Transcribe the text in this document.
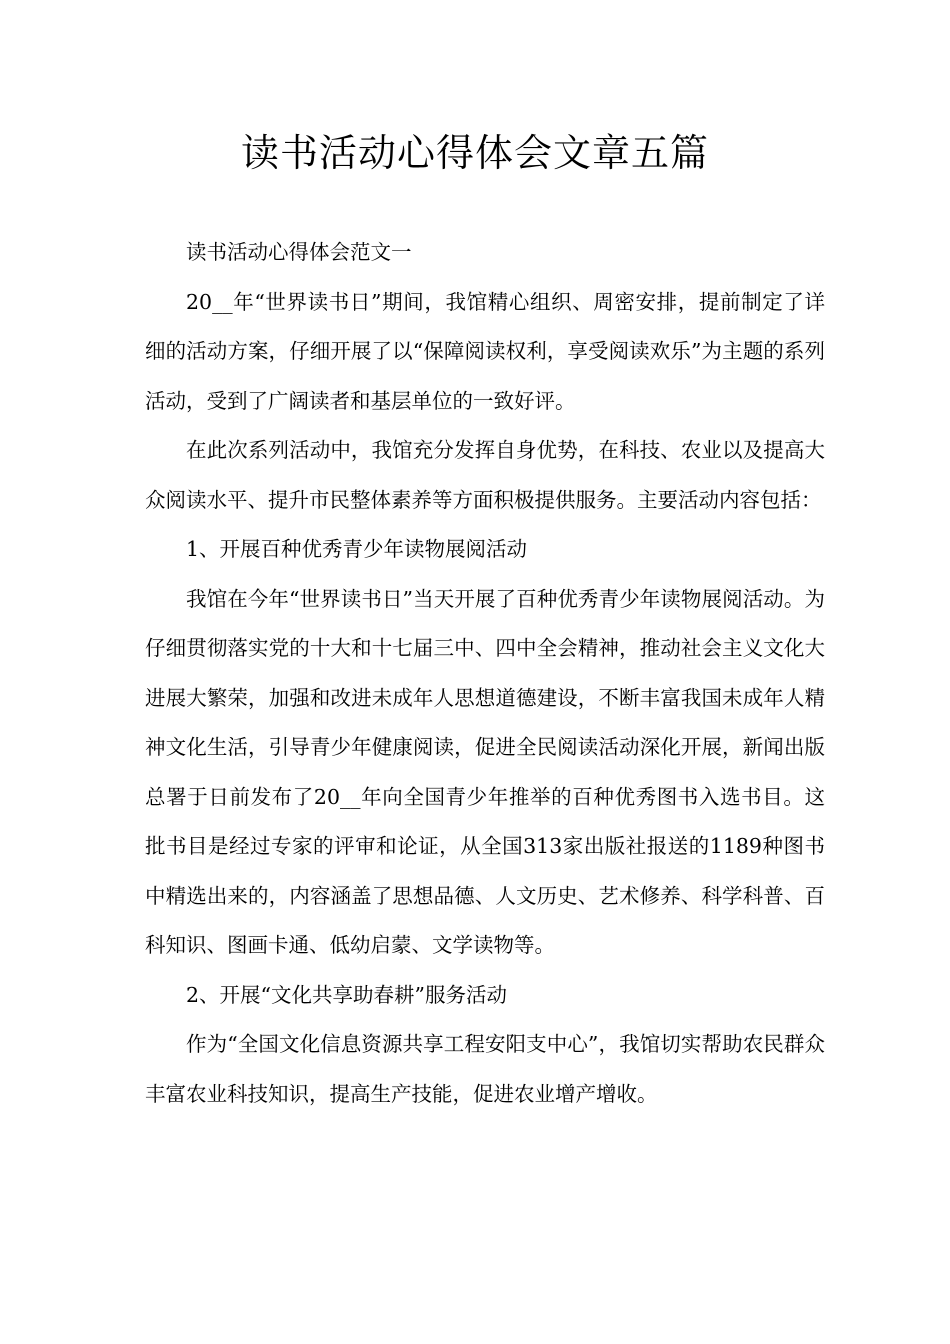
读书活动心得体会文章五篇

读书活动心得体会范文一

20__年“世界读书日”期间，我馆精心组织、周密安排，提前制定了详细的活动方案，仔细开展了以“保障阅读权利，享受阅读欢乐”为主题的系列活动，受到了广阔读者和基层单位的一致好评。

在此次系列活动中，我馆充分发挥自身优势，在科技、农业以及提高大众阅读水平、提升市民整体素养等方面积极提供服务。主要活动内容包括：

1、开展百种优秀青少年读物展阅活动

我馆在今年“世界读书日”当天开展了百种优秀青少年读物展阅活动。为仔细贯彻落实党的十大和十七届三中、四中全会精神，推动社会主义文化大进展大繁荣，加强和改进未成年人思想道德建设，不断丰富我国未成年人精神文化生活，引导青少年健康阅读，促进全民阅读活动深化开展，新闻出版总署于日前发布了20__年向全国青少年推举的百种优秀图书入选书目。这批书目是经过专家的评审和论证，从全国313家出版社报送的1189种图书中精选出来的，内容涵盖了思想品德、人文历史、艺术修养、科学科普、百科知识、图画卡通、低幼启蒙、文学读物等。

2、开展“文化共享助春耕”服务活动

作为“全国文化信息资源共享工程安阳支中心”，我馆切实帮助农民群众丰富农业科技知识，提高生产技能，促进农业增产增收。
